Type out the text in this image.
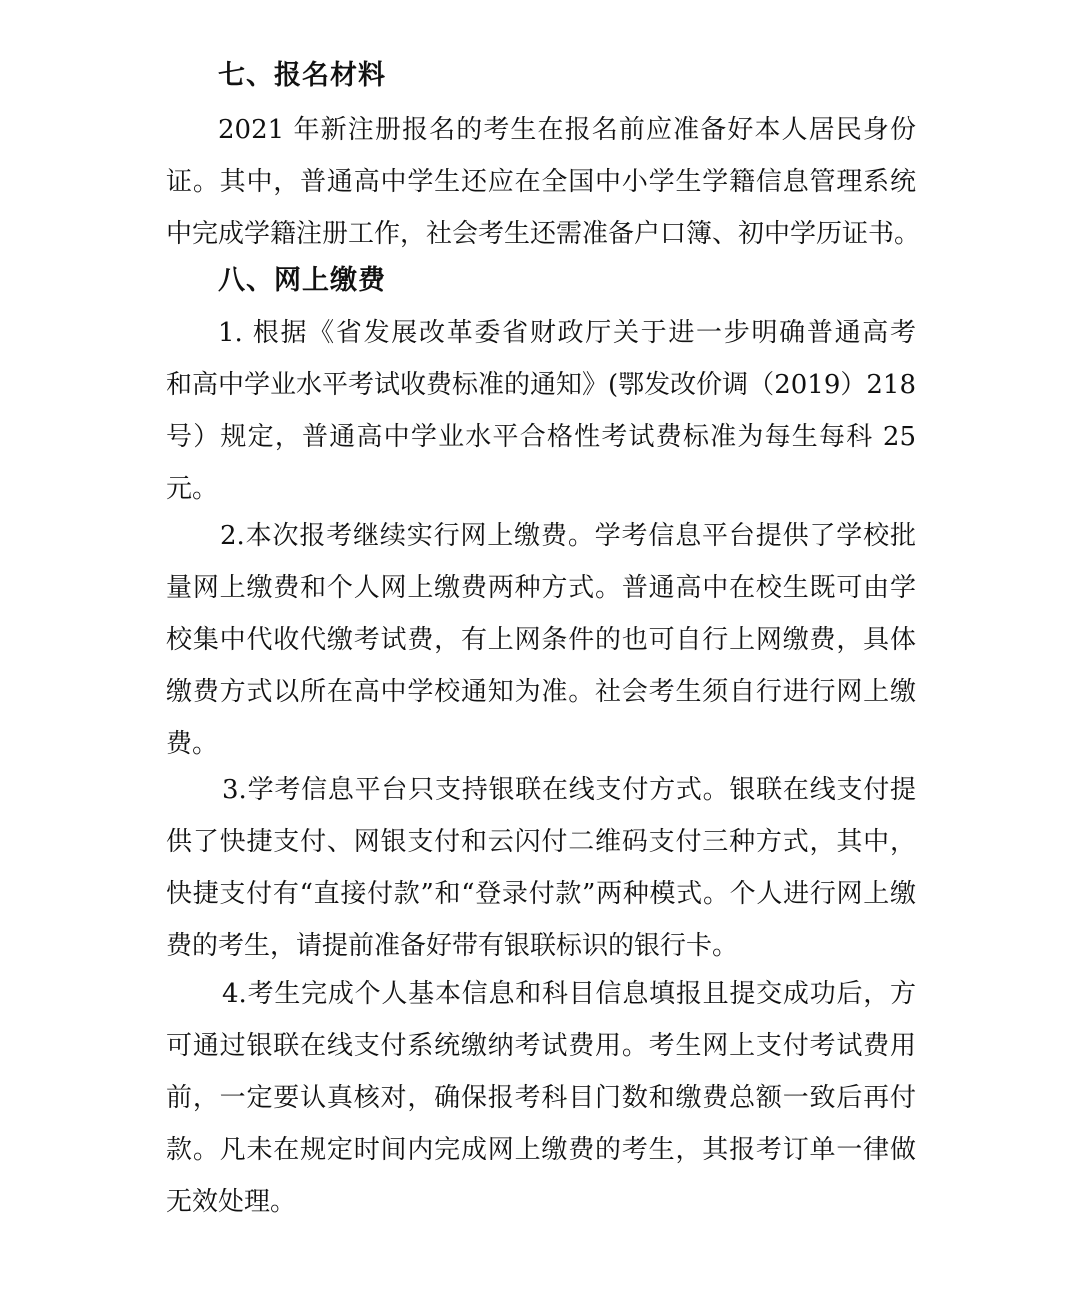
七、报名材料
2021 年新注册报名的考生在报名前应准备好本人居民身份
证。其中，普通高中学生还应在全国中小学生学籍信息管理系统
中完成学籍注册工作，社会考生还需准备户口簿、初中学历证书。
八、网上缴费
1. 根据《省发展改革委省财政厅关于进一步明确普通高考
和高中学业水平考试收费标准的通知》(鄂发改价调（2019）218
号）规定，普通高中学业水平合格性考试费标准为每生每科 25
元。
2.本次报考继续实行网上缴费。学考信息平台提供了学校批
量网上缴费和个人网上缴费两种方式。普通高中在校生既可由学
校集中代收代缴考试费，有上网条件的也可自行上网缴费，具体
缴费方式以所在高中学校通知为准。社会考生须自行进行网上缴
费。
3.学考信息平台只支持银联在线支付方式。银联在线支付提
供了快捷支付、网银支付和云闪付二维码支付三种方式，其中，
快捷支付有“直接付款”和“登录付款”两种模式。个人进行网上缴
费的考生，请提前准备好带有银联标识的银行卡。
4.考生完成个人基本信息和科目信息填报且提交成功后，方
可通过银联在线支付系统缴纳考试费用。考生网上支付考试费用
前，一定要认真核对，确保报考科目门数和缴费总额一致后再付
款。凡未在规定时间内完成网上缴费的考生，其报考订单一律做
无效处理。
